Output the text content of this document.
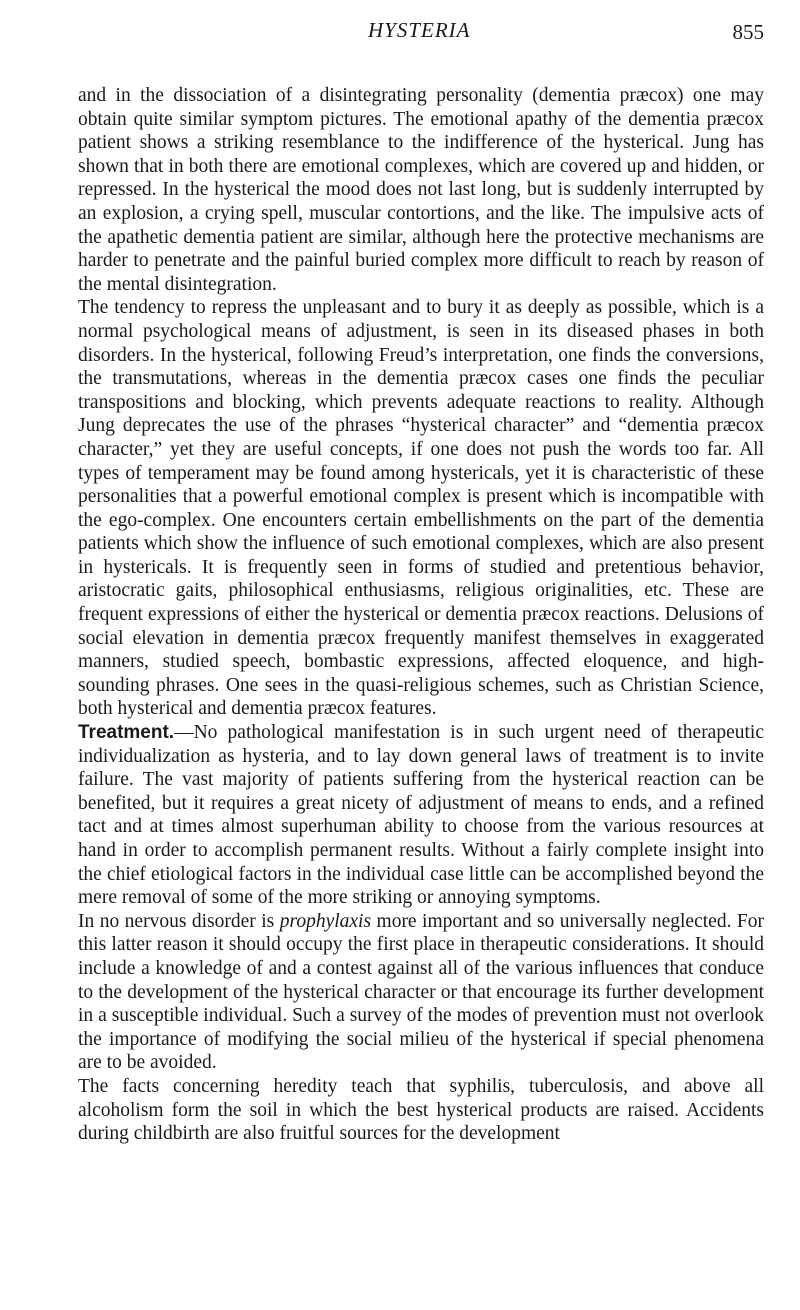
HYSTERIA	855

and in the dissociation of a disintegrating personality (dementia præcox) one may obtain quite similar symptom pictures. The emotional apathy of the dementia præcox patient shows a striking resemblance to the indifference of the hysterical. Jung has shown that in both there are emotional complexes, which are covered up and hidden, or repressed. In the hysterical the mood does not last long, but is suddenly interrupted by an explosion, a crying spell, muscular contortions, and the like. The impulsive acts of the apathetic dementia patient are similar, although here the protective mechanisms are harder to penetrate and the painful buried complex more difficult to reach by reason of the mental disintegration.

The tendency to repress the unpleasant and to bury it as deeply as possible, which is a normal psychological means of adjustment, is seen in its diseased phases in both disorders. In the hysterical, following Freud’s interpretation, one finds the conversions, the transmutations, whereas in the dementia præcox cases one finds the peculiar transpositions and blocking, which prevents adequate reactions to reality. Although Jung deprecates the use of the phrases “hysterical character” and “dementia præcox character,” yet they are useful concepts, if one does not push the words too far. All types of temperament may be found among hystericals, yet it is characteristic of these personalities that a powerful emotional complex is present which is incompatible with the ego-complex. One encounters certain embellishments on the part of the dementia patients which show the influence of such emotional complexes, which are also present in hystericals. It is frequently seen in forms of studied and pretentious behavior, aristocratic gaits, philosophical enthusiasms, religious originalities, etc. These are frequent expressions of either the hysterical or dementia præcox reactions. Delusions of social elevation in dementia præcox frequently manifest themselves in exaggerated manners, studied speech, bombastic expressions, affected eloquence, and high-sounding phrases. One sees in the quasi-religious schemes, such as Christian Science, both hysterical and dementia præcox features.

Treatment.—No pathological manifestation is in such urgent need of therapeutic individualization as hysteria, and to lay down general laws of treatment is to invite failure. The vast majority of patients suffering from the hysterical reaction can be benefited, but it requires a great nicety of adjustment of means to ends, and a refined tact and at times almost superhuman ability to choose from the various resources at hand in order to accomplish permanent results. Without a fairly complete insight into the chief etiological factors in the individual case little can be accomplished beyond the mere removal of some of the more striking or annoying symptoms.

In no nervous disorder is prophylaxis more important and so universally neglected. For this latter reason it should occupy the first place in therapeutic considerations. It should include a knowledge of and a contest against all of the various influences that conduce to the development of the hysterical character or that encourage its further development in a susceptible individual. Such a survey of the modes of prevention must not overlook the importance of modifying the social milieu of the hysterical if special phenomena are to be avoided.

The facts concerning heredity teach that syphilis, tuberculosis, and above all alcoholism form the soil in which the best hysterical products are raised. Accidents during childbirth are also fruitful sources for the development
